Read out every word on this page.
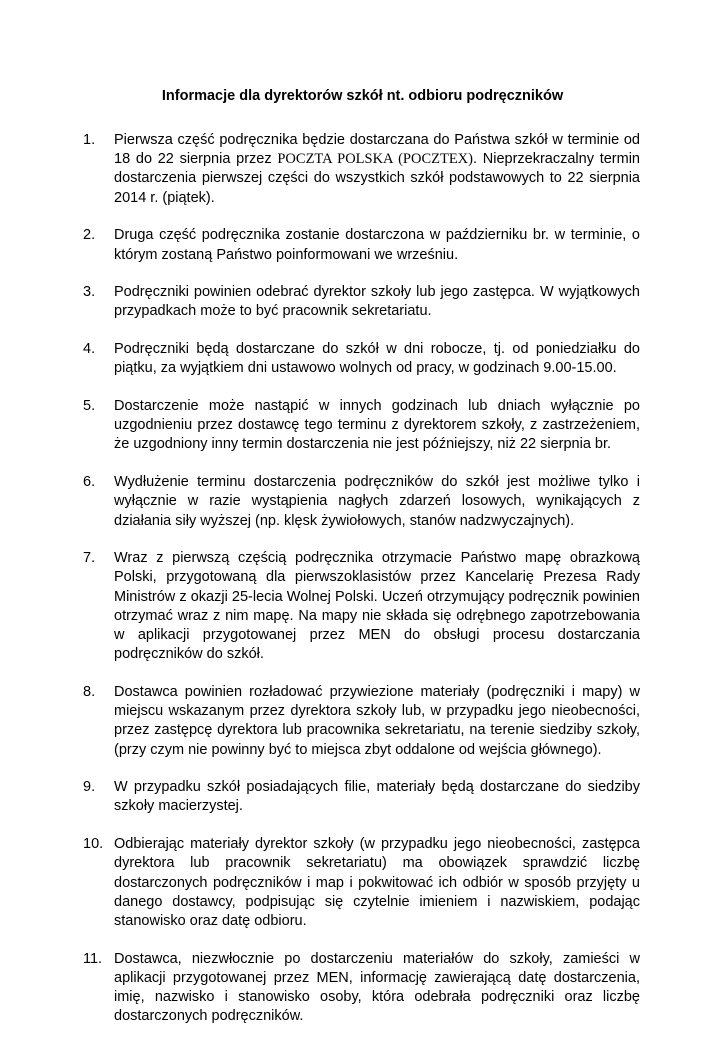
Informacje dla dyrektorów szkół nt. odbioru podręczników
1.	Pierwsza część podręcznika będzie dostarczana do Państwa szkół w terminie od 18 do 22 sierpnia przez POCZTA POLSKA (POCZTEX). Nieprzekraczalny termin dostarczenia pierwszej części do wszystkich szkół podstawowych to 22 sierpnia 2014 r. (piątek).
2.	Druga część podręcznika zostanie dostarczona w październiku br. w terminie, o którym zostaną Państwo poinformowani we wrześniu.
3.	Podręczniki powinien odebrać dyrektor szkoły lub jego zastępca. W wyjątkowych przypadkach może to być pracownik sekretariatu.
4.	Podręczniki będą dostarczane do szkół w dni robocze, tj. od poniedziałku do piątku, za wyjątkiem dni ustawowo wolnych od pracy, w godzinach 9.00-15.00.
5.	Dostarczenie może nastąpić w innych godzinach lub dniach wyłącznie po uzgodnieniu przez dostawcę tego terminu z dyrektorem szkoły, z zastrzeżeniem, że uzgodniony inny termin dostarczenia nie jest późniejszy, niż 22 sierpnia br.
6.	Wydłużenie terminu dostarczenia podręczników do szkół jest możliwe tylko i wyłącznie w razie wystąpienia nagłych zdarzeń losowych, wynikających z działania siły wyższej (np. klęsk żywiołowych, stanów nadzwyczajnych).
7.	Wraz z pierwszą częścią podręcznika otrzymacie Państwo mapę obrazkową Polski, przygotowaną dla pierwszoklasistów przez Kancelarię Prezesa Rady Ministrów z okazji 25-lecia Wolnej Polski. Uczeń otrzymujący podręcznik powinien otrzymać wraz z nim mapę. Na mapy nie składa się odrębnego zapotrzebowania w aplikacji przygotowanej przez MEN do obsługi procesu dostarczania podręczników do szkół.
8.	Dostawca powinien rozładować przywiezione materiały (podręczniki i mapy) w miejscu wskazanym przez dyrektora szkoły lub, w przypadku jego nieobecności, przez zastępcę dyrektora lub pracownika sekretariatu, na terenie siedziby szkoły, (przy czym nie powinny być to miejsca zbyt oddalone od wejścia głównego).
9.	W przypadku szkół posiadających filie, materiały będą dostarczane do siedziby szkoły macierzystej.
10. Odbierając materiały dyrektor szkoły (w przypadku jego nieobecności, zastępca dyrektora lub pracownik sekretariatu) ma obowiązek sprawdzić liczbę dostarczonych podręczników i map i pokwitować ich odbiór w sposób przyjęty u danego dostawcy, podpisując się czytelnie imieniem i nazwiskiem, podając stanowisko oraz datę odbioru.
11. Dostawca, niezwłocznie po dostarczeniu materiałów do szkoły, zamieści w aplikacji przygotowanej przez MEN, informację zawierającą datę dostarczenia, imię, nazwisko i stanowisko osoby, która odebrała podręczniki oraz liczbę dostarczonych podręczników.
